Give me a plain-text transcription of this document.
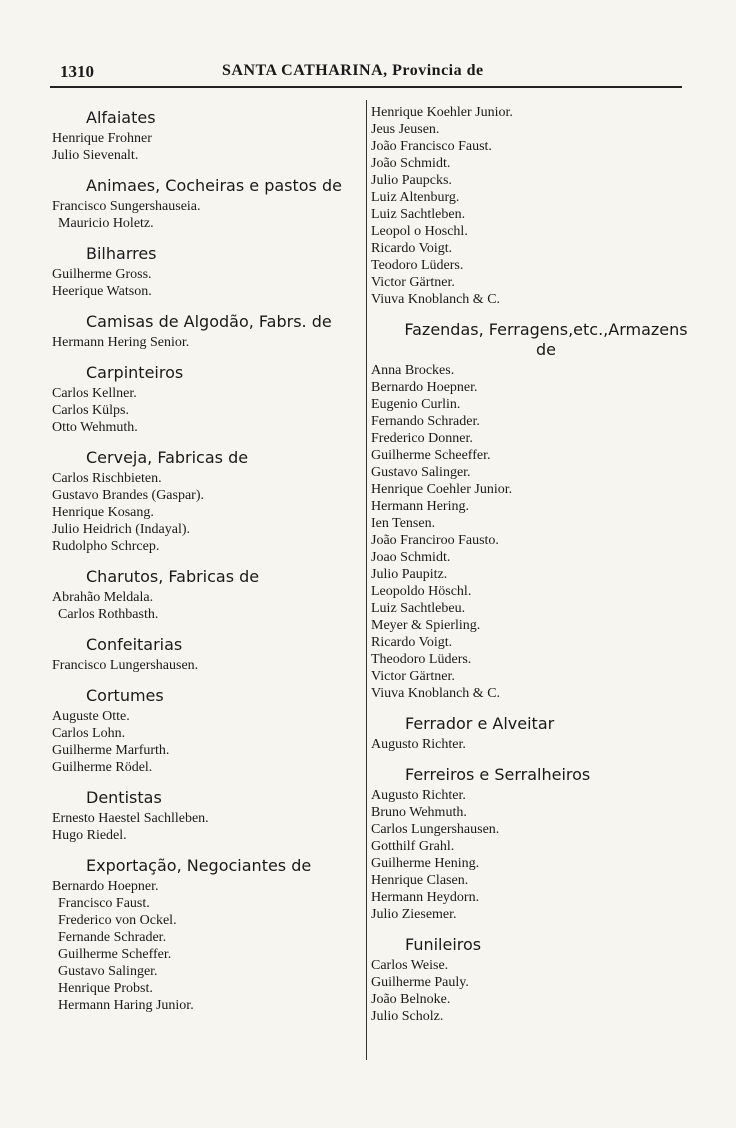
1310	SANTA CATHARINA, Provincia de
Alfaiates
Henrique Frohner
Julio Sievenalt.
Animaes, Cocheiras e pastos de
Francisco Sungershauseia.
Mauricio Holetz.
Bilharres
Guilherme Gross.
Heerique Watson.
Camisas de Algodão, Fabrs. de
Hermann Hering Senior.
Carpinteiros
Carlos Kellner.
Carlos Külps.
Otto Wehmuth.
Cerveja, Fabricas de
Carlos Rischbieten.
Gustavo Brandes (Gaspar).
Henrique Kosang.
Julio Heidrich (Indayal).
Rudolpho Schrcep.
Charutos, Fabricas de
Abrahão Meldala.
Carlos Rothbasth.
Confeitarias
Francisco Lungershausen.
Cortumes
Auguste Otte.
Carlos Lohn.
Guilherme Marfurth.
Guilherme Rödel.
Dentistas
Ernesto Haestel Sachlleben.
Hugo Riedel.
Exportação, Negociantes de
Bernardo Hoepner.
Francisco Faust.
Frederico von Ockel.
Fernande Schrader.
Guilherme Scheffer.
Gustavo Salinger.
Henrique Probst.
Hermann Haring Junior.
Henrique Koehler Junior.
Jeus Jeusen.
João Francisco Faust.
João Schmidt.
Julio Paupcks.
Luiz Altenburg.
Luiz Sachtleben.
Leopol o Hoschl.
Ricardo Voigt.
Teodoro Lüders.
Victor Gärtner.
Viuva Knoblanch & C.
Fazendas, Ferragens,etc.,Armazens de
Anna Brockes.
Bernardo Hoepner.
Eugenio Curlin.
Fernando Schrader.
Frederico Donner.
Guilherme Scheeffer.
Gustavo Salinger.
Henrique Coehler Junior.
Hermann Hering.
Ien Tensen.
João Franciroo Fausto.
Joao Schmidt.
Julio Paupitz.
Leopoldo Höschl.
Luiz Sachtlebeu.
Meyer & Spierling.
Ricardo Voigt.
Theodoro Lüders.
Victor Gärtner.
Viuva Knoblanch & C.
Ferrador e Alveitar
Augusto Richter.
Ferreiros e Serralheiros
Augusto Richter.
Bruno Wehmuth.
Carlos Lungershausen.
Gotthilf Grahl.
Guilherme Hening.
Henrique Clasen.
Hermann Heydorn.
Julio Ziesemer.
Funileiros
Carlos Weise.
Guilherme Pauly.
João Belnoke.
Julio Scholz.
